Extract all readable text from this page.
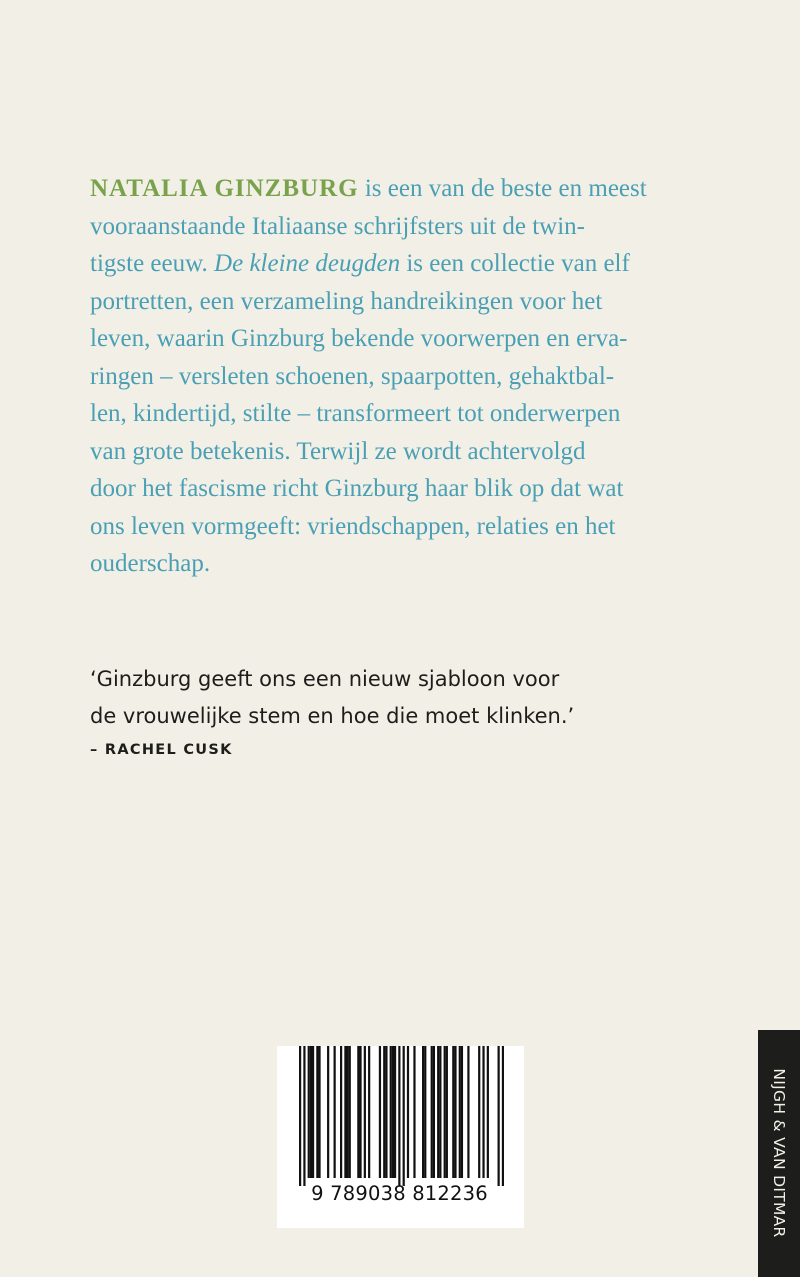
NATALIA GINZBURG is een van de beste en meest
vooraanstaande Italiaanse schrijfsters uit de twin-
tigste eeuw. De kleine deugden is een collectie van elf
portretten, een verzameling handreikingen voor het
leven, waarin Ginzburg bekende voorwerpen en erva-
ringen – versleten schoenen, spaarpotten, gehaktbal-
len, kindertijd, stilte – transformeert tot onderwerpen
van grote betekenis. Terwijl ze wordt achtervolgd
door het fascisme richt Ginzburg haar blik op dat wat
ons leven vormgeeft: vriendschappen, relaties en het
ouderschap.
‘Ginzburg geeft ons een nieuw sjabloon voor
de vrouwelijke stem en hoe die moet klinken.’
– RACHEL CUSK
9 789038 812236	NIJGH & VAN DITMAR
